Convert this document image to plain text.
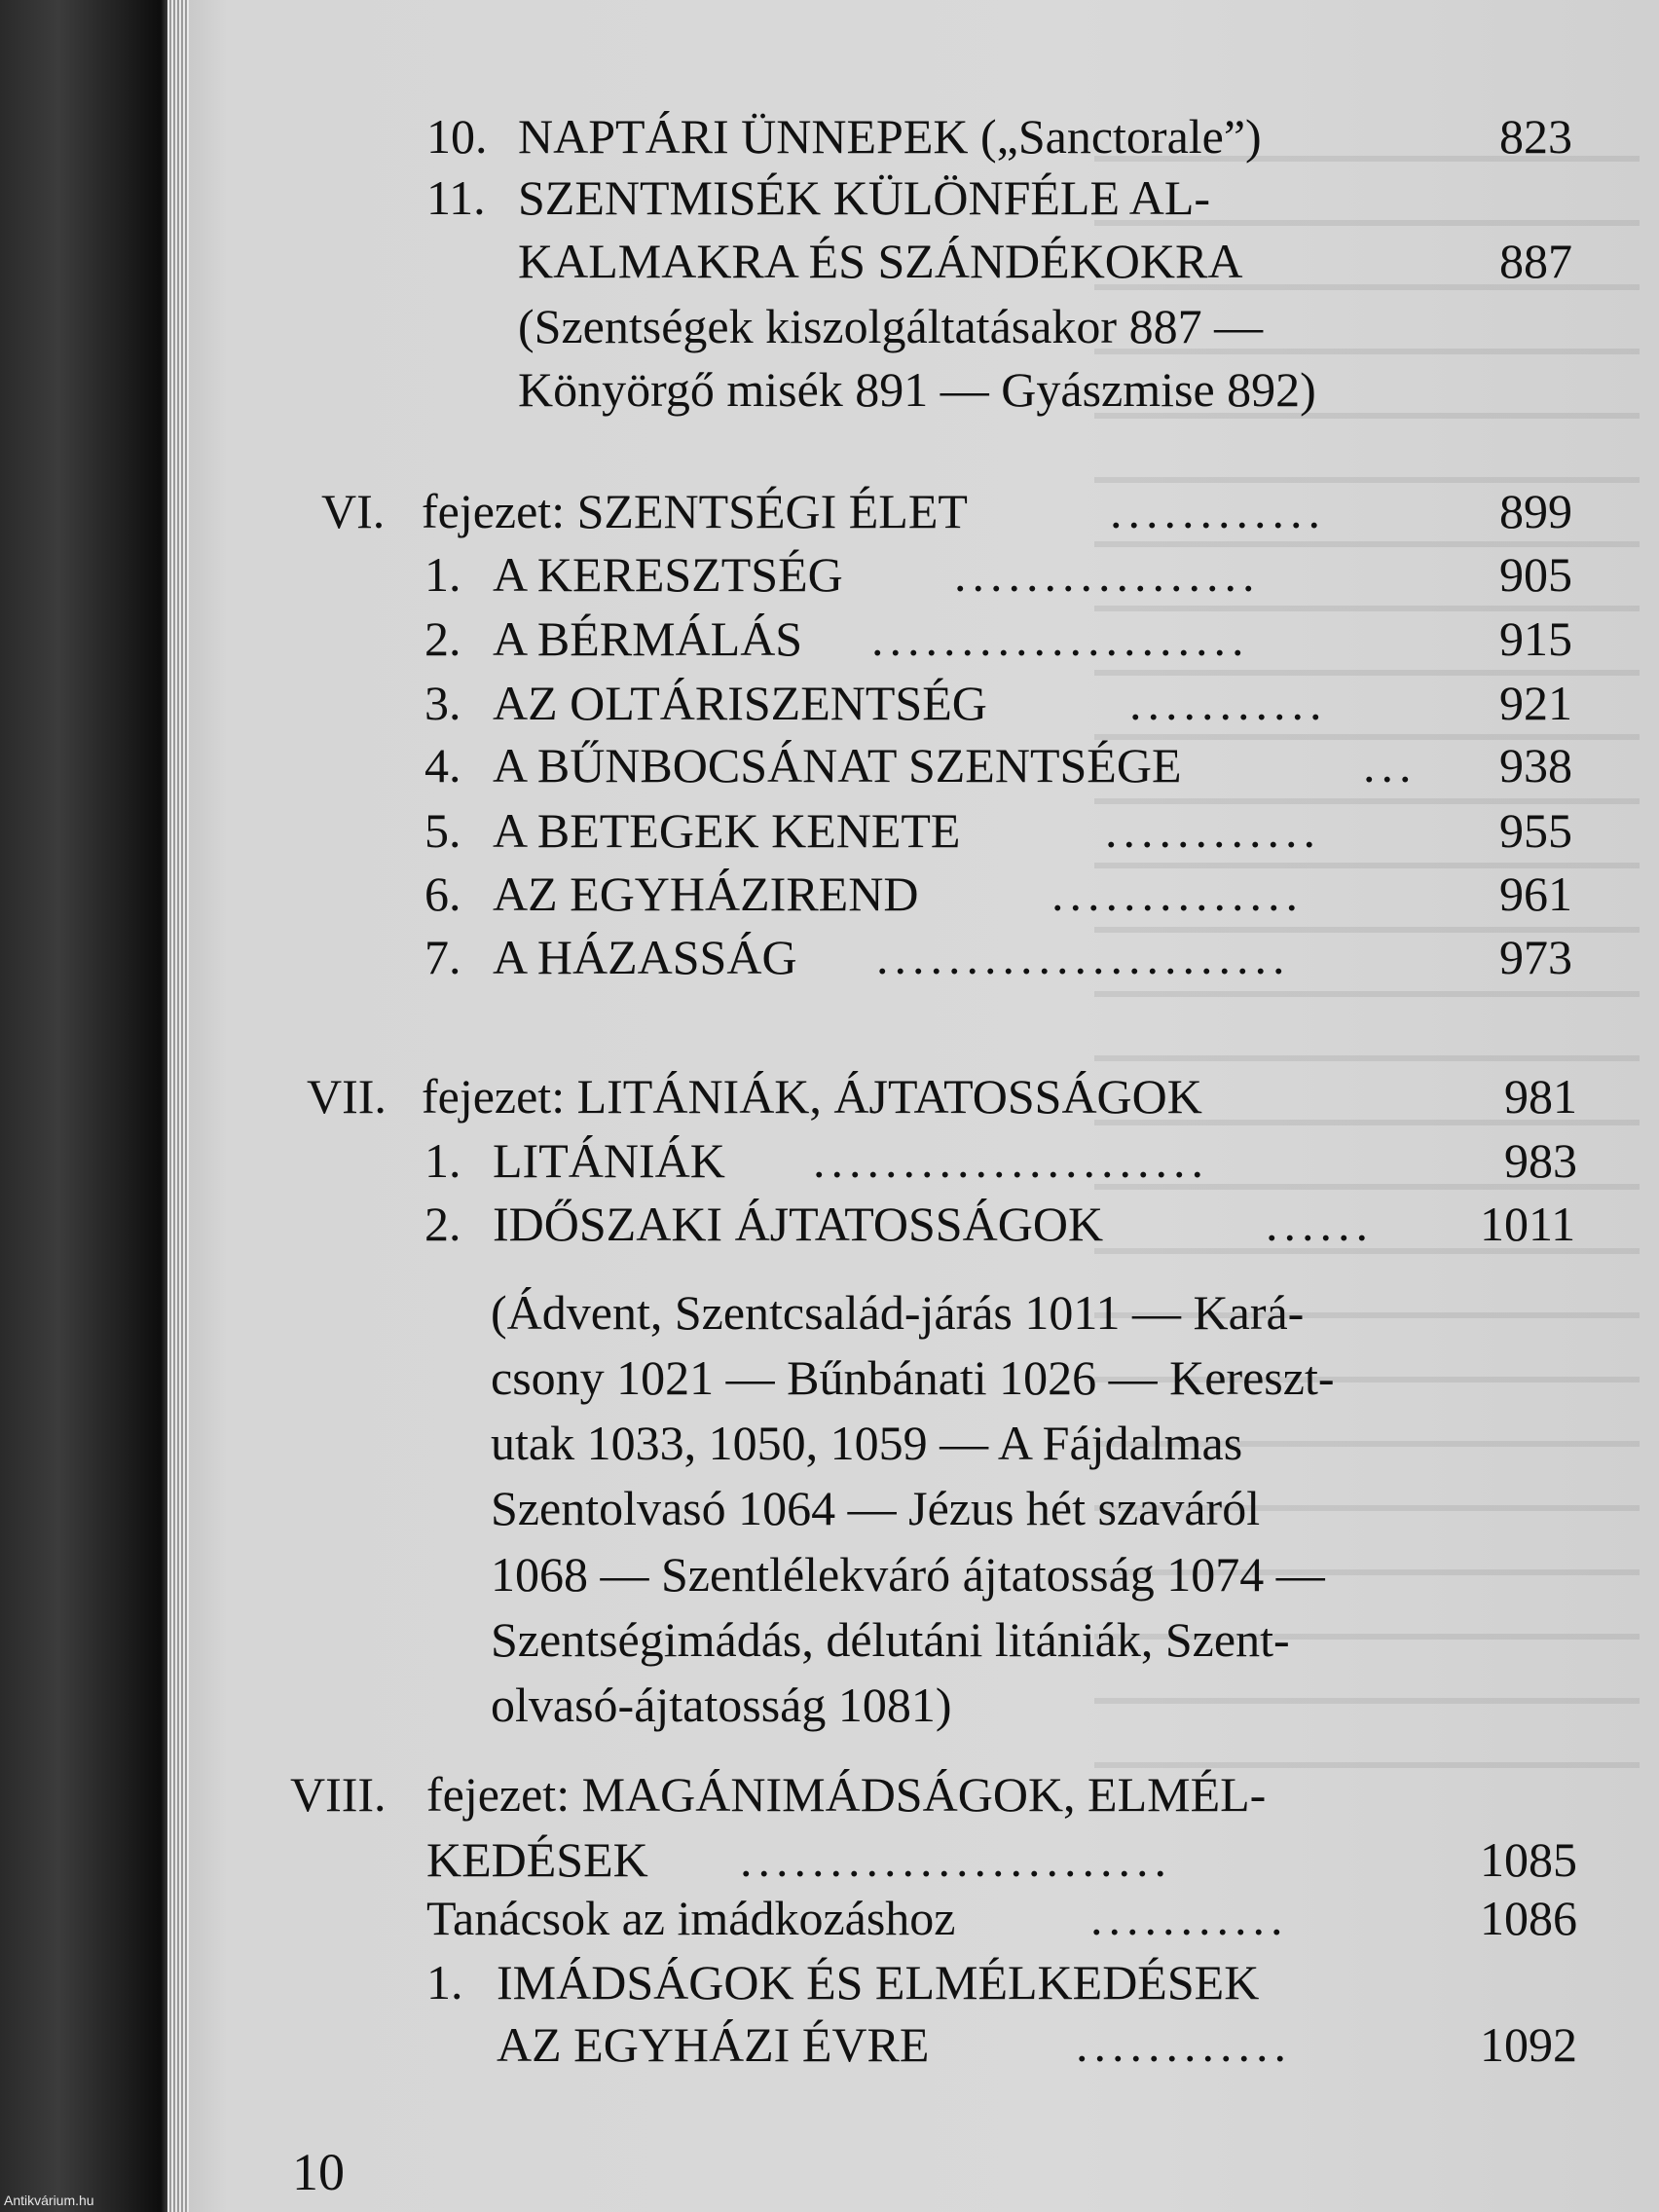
10. NAPTÁRI ÜNNEPEK („Sanctorale”)	823
11. SZENTMISÉK KÜLÖNFÉLE AL-
KALMAKRA ÉS SZÁNDÉKOKRA	887
(Szentségek kiszolgáltatásakor 887 —
Könyörgő misék 891 — Gyászmise 892)
VI. fejezet: SZENTSÉGI ÉLET	............	899
1. A KERESZTSÉG .................	905
2. A BÉRMÁLÁS .....................	915
3. AZ OLTÁRISZENTSÉG	...........	921
4. A BŰNBOCSÁNAT SZENTSÉGE	...	938
5. A BETEGEK KENETE	............	955
6. AZ EGYHÁZIREND	..............	961
7. A HÁZASSÁG .......................	973
VII. fejezet: LITÁNIÁK, ÁJTATOSSÁGOK	981
1. LITÁNIÁK ......................	983
2. IDŐSZAKI ÁJTATOSSÁGOK	......	1011
(Ádvent, Szentcsalád-járás 1011 — Kará-
csony 1021 — Bűnbánati 1026 — Kereszt-
utak 1033, 1050, 1059 — A Fájdalmas
Szentolvasó 1064 — Jézus hét szaváról
1068 — Szentlélekváró ájtatosság 1074 —
Szentségimádás, délutáni litániák, Szent-
olvasó-ájtatosság 1081)
VIII. fejezet: MAGÁNIMÁDSÁGOK, ELMÉL-
KEDÉSEK ........................	1085
Tanácsok az imádkozáshoz	...........	1086
1. IMÁDSÁGOK ÉS ELMÉLKEDÉSEK
AZ EGYHÁZI ÉVRE	............	1092
10
Antikvárium.hu
